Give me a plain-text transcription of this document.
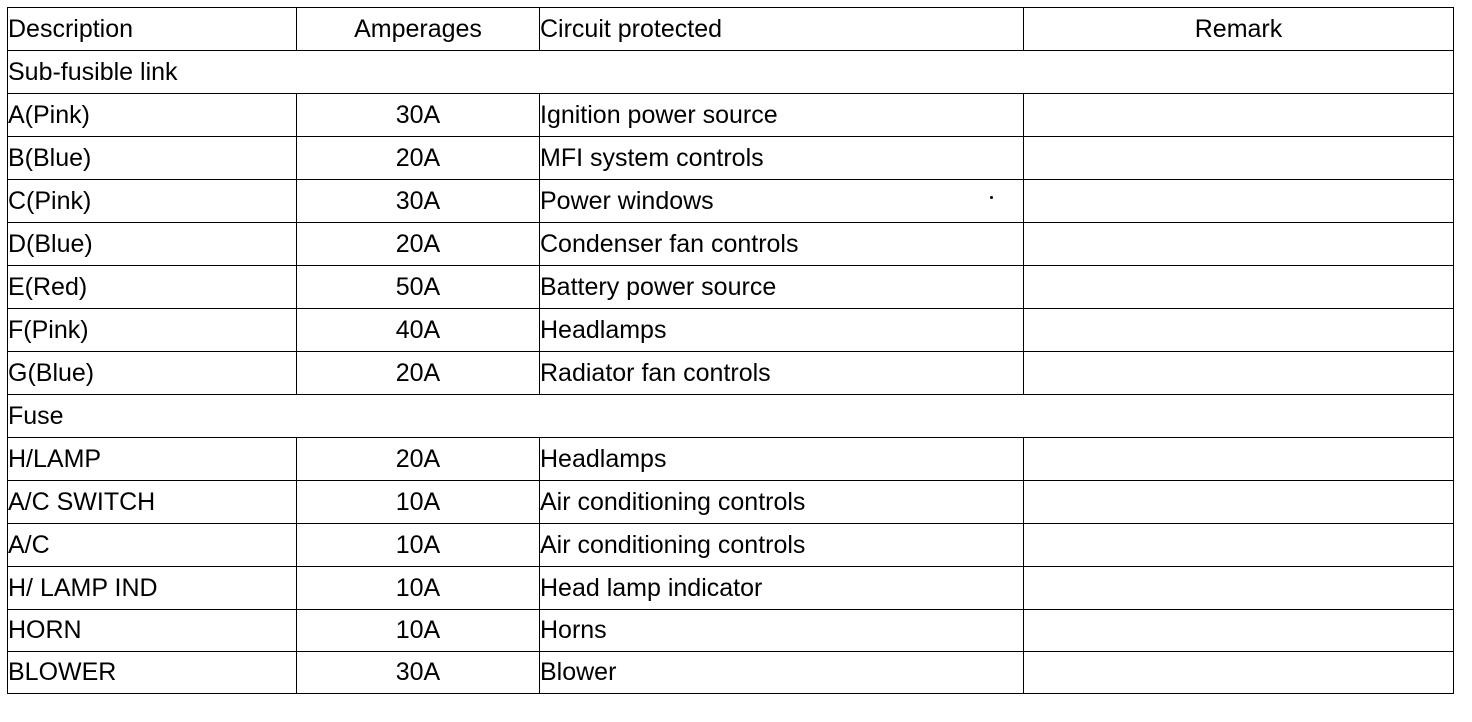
Description	Amperages	Circuit protected	Remark
Sub-fusible link			
A(Pink)	30A	Ignition power source	
B(Blue)	20A	MFI system controls	
C(Pink)	30A	Power windows	
D(Blue)	20A	Condenser fan controls	
E(Red)	50A	Battery power source	
F(Pink)	40A	Headlamps	
G(Blue)	20A	Radiator fan controls	
Fuse			
H/LAMP	20A	Headlamps	
A/C SWITCH	10A	Air conditioning controls	
A/C	10A	Air conditioning controls	
H/ LAMP IND	10A	Head lamp indicator	
HORN	10A	Horns	
BLOWER	30A	Blower	
